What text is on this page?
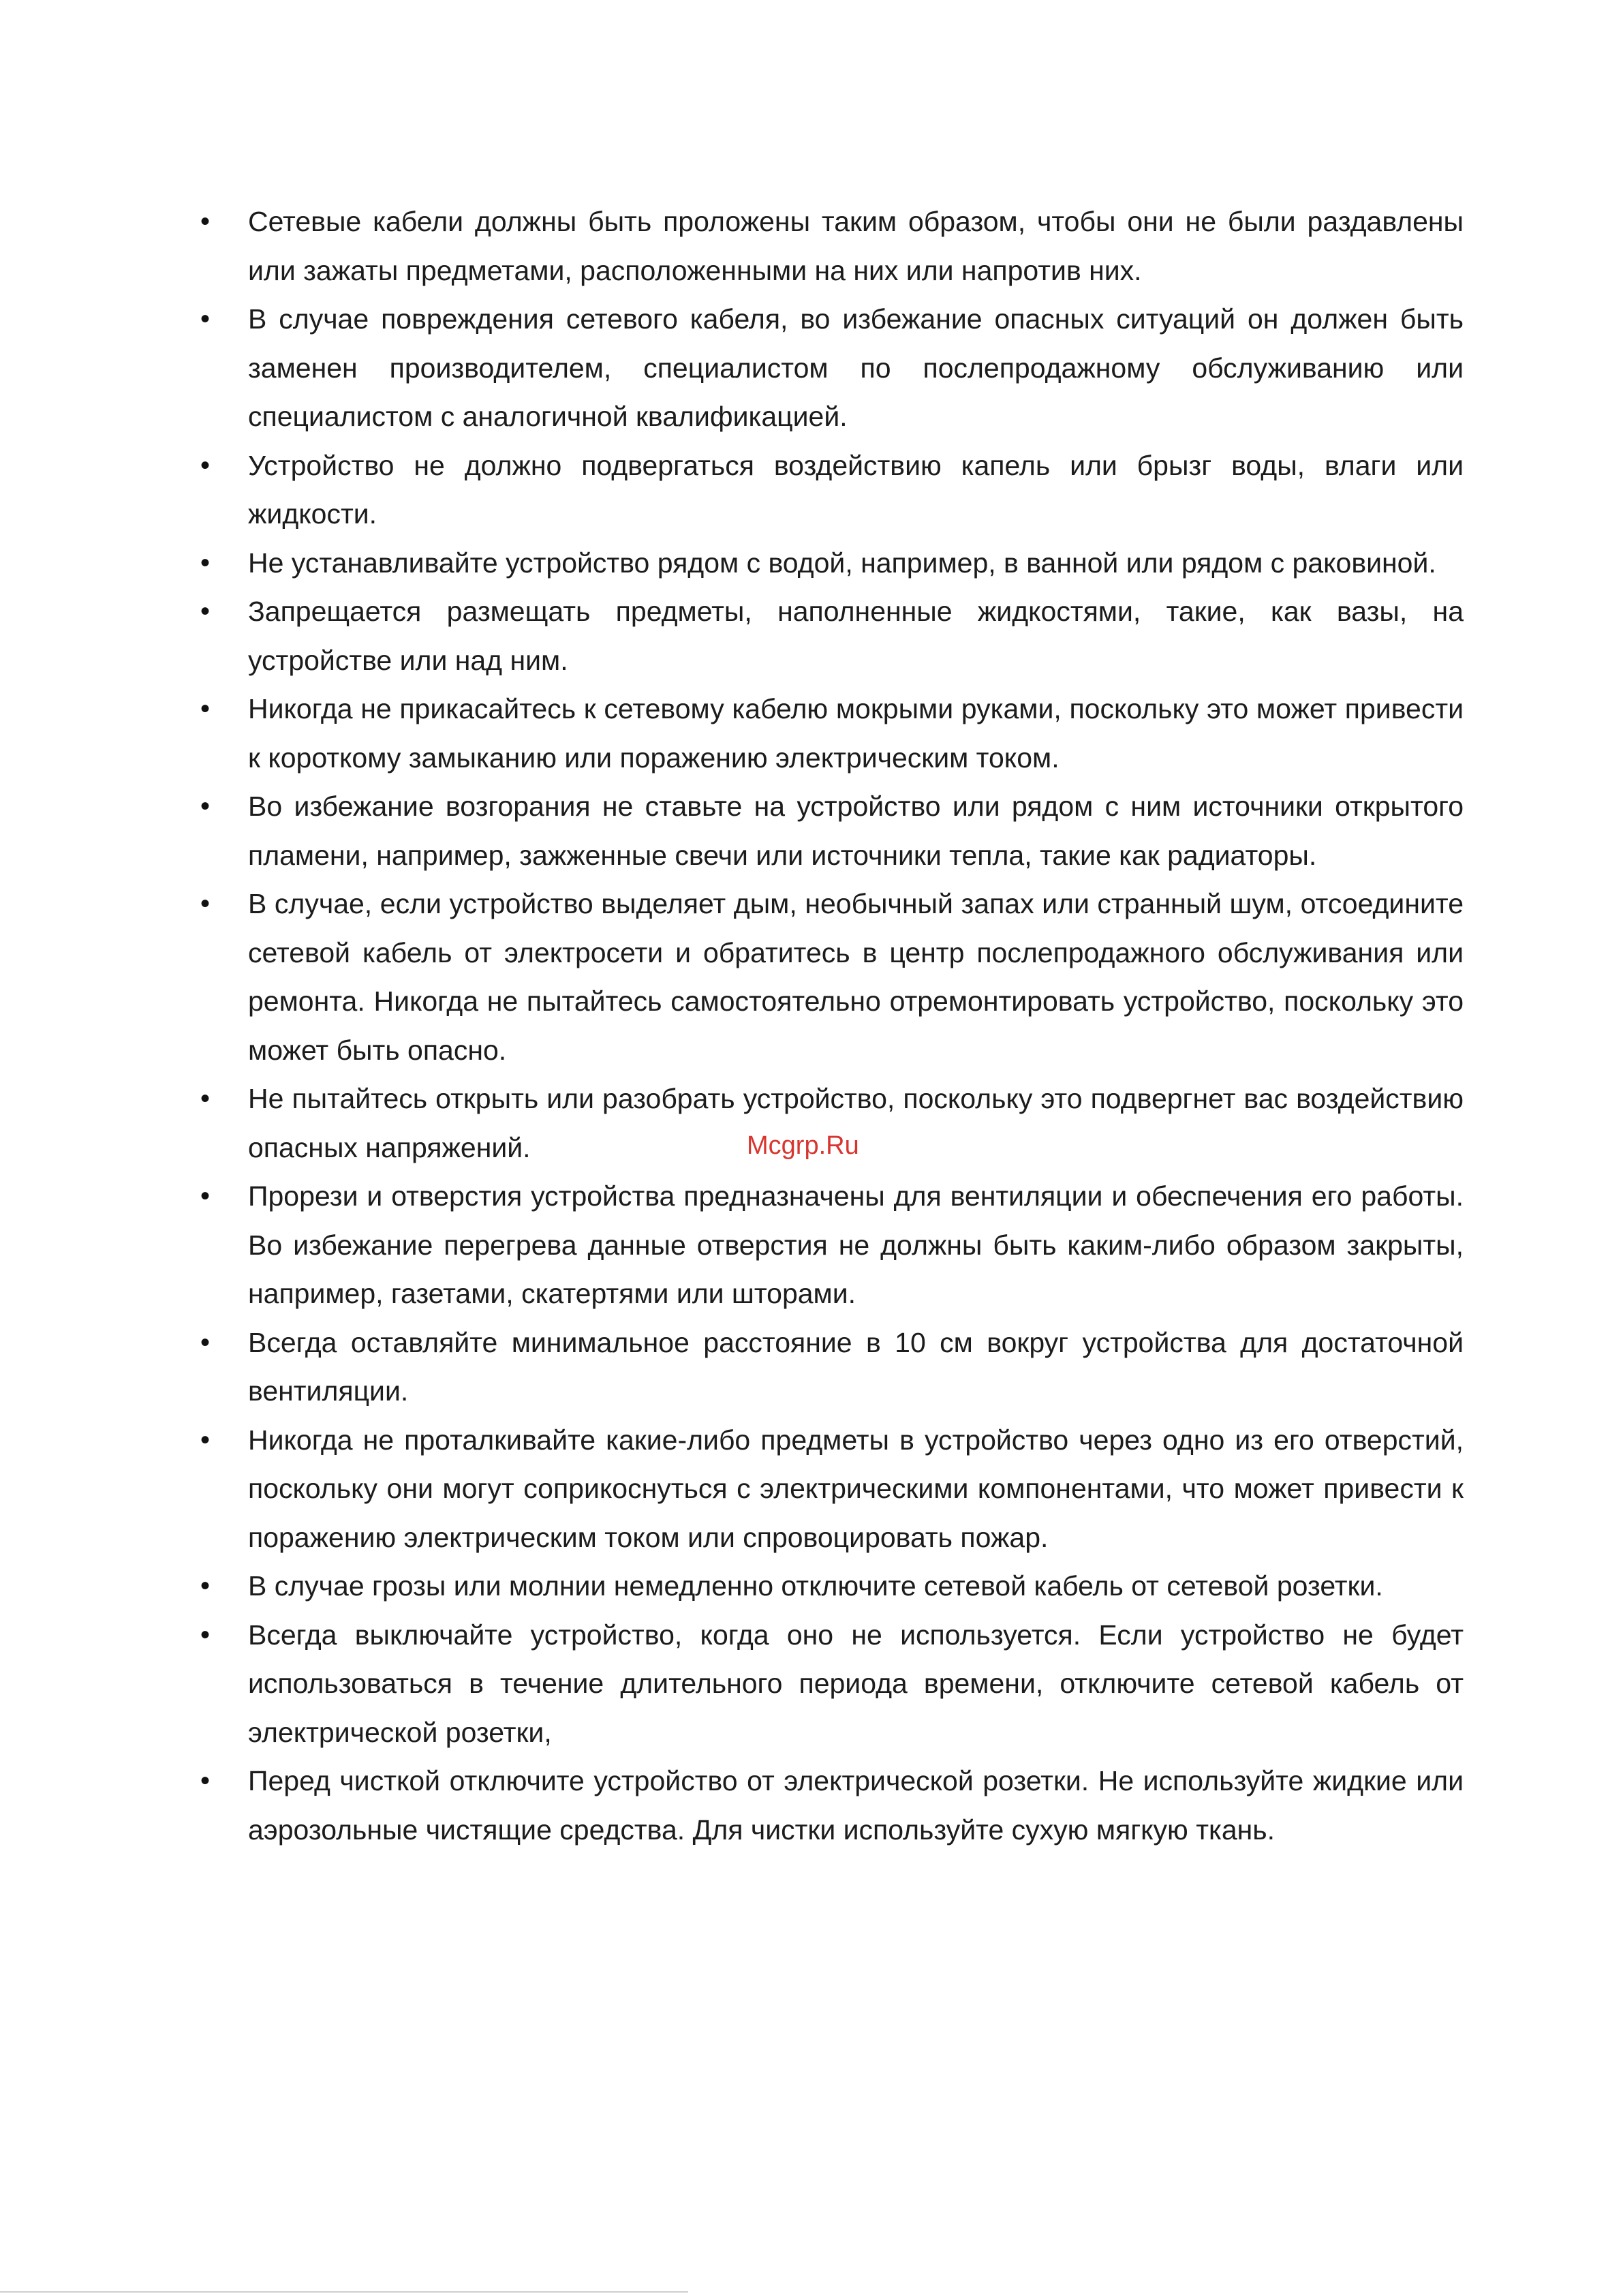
• Сетевые кабели должны быть проложены таким образом, чтобы они не были раздавлены или зажаты предметами, расположенными на них или напротив них.
• В случае повреждения сетевого кабеля, во избежание опасных ситуаций он должен быть заменен производителем, специалистом по послепродажному обслуживанию или специалистом с аналогичной квалификацией.
• Устройство не должно подвергаться воздействию капель или брызг воды, влаги или жидкости.
• Не устанавливайте устройство рядом с водой, например, в ванной или рядом с раковиной.
• Запрещается размещать предметы, наполненные жидкостями, такие, как вазы, на устройстве или над ним.
• Никогда не прикасайтесь к сетевому кабелю мокрыми руками, поскольку это может привести к короткому замыканию или поражению электрическим током.
• Во избежание возгорания не ставьте на устройство или рядом с ним источники открытого пламени, например, зажженные свечи или источники тепла, такие как радиаторы.
• В случае, если устройство выделяет дым, необычный запах или странный шум, отсоедините сетевой кабель от электросети и обратитесь в центр послепродажного обслуживания или ремонта. Никогда не пытайтесь самостоятельно отремонтировать устройство, поскольку это может быть опасно.
• Не пытайтесь открыть или разобрать устройство, поскольку это подвергнет вас воздействию опасных напряжений.
• Прорези и отверстия устройства предназначены для вентиляции и обеспечения его работы. Во избежание перегрева данные отверстия не должны быть каким-либо образом закрыты, например, газетами, скатертями или шторами.
• Всегда оставляйте минимальное расстояние в 10 см вокруг устройства для достаточной вентиляции.
• Никогда не проталкивайте какие-либо предметы в устройство через одно из его отверстий, поскольку они могут соприкоснуться с электрическими компонентами, что может привести к поражению электрическим током или спровоцировать пожар.
• В случае грозы или молнии немедленно отключите сетевой кабель от сетевой розетки.
• Всегда выключайте устройство, когда оно не используется. Если устройство не будет использоваться в течение длительного периода времени, отключите сетевой кабель от электрической розетки,
• Перед чисткой отключите устройство от электрической розетки. Не используйте жидкие или аэрозольные чистящие средства. Для чистки используйте сухую мягкую ткань.
Mcgrp.Ru
